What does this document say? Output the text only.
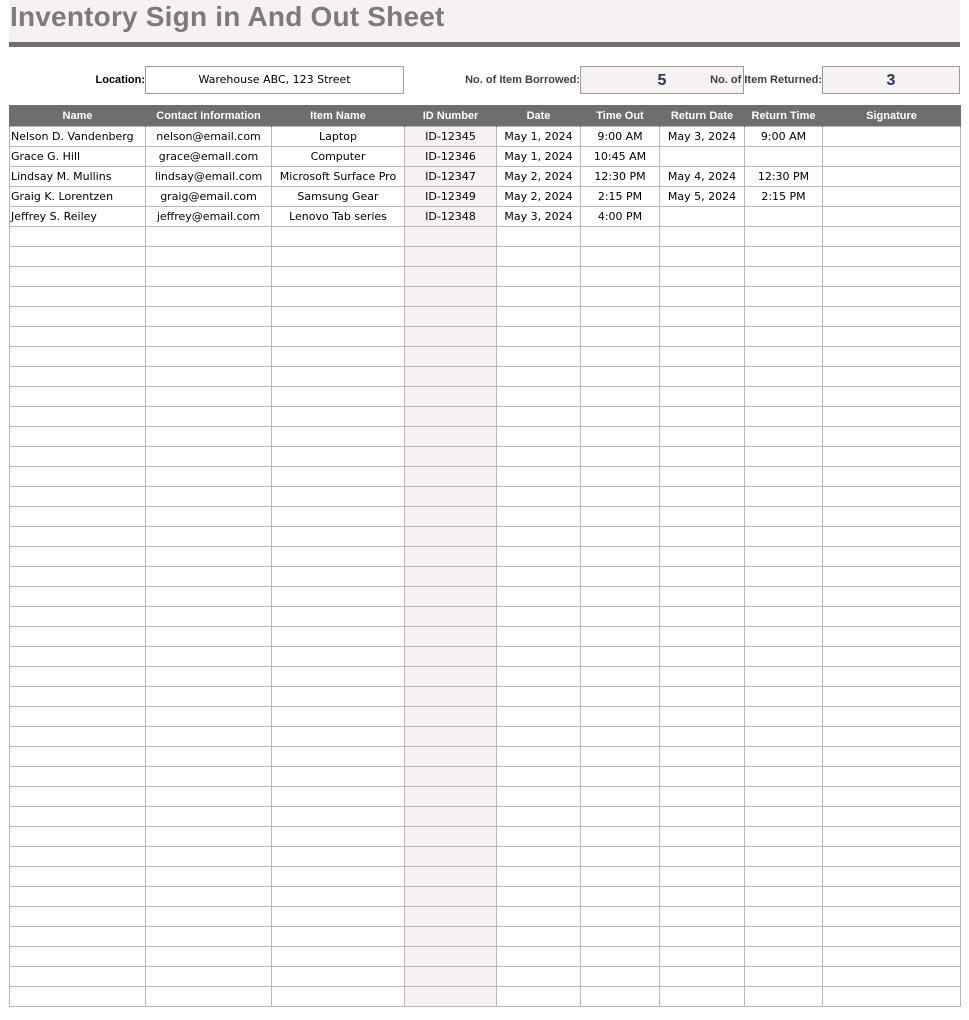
Inventory Sign in And Out Sheet
Location:	Warehouse ABC, 123 Street	No. of Item Borrowed:	5	No. of Item Returned:	3
Name	Contact Information	Item Name	ID Number	Date	Time Out	Return Date	Return Time	Signature
Nelson D. Vandenberg	nelson@email.com	Laptop	ID-12345	May 1, 2024	9:00 AM	May 3, 2024	9:00 AM	
Grace G. Hill	grace@email.com	Computer	ID-12346	May 1, 2024	10:45 AM			
Lindsay M. Mullins	lindsay@email.com	Microsoft Surface Pro	ID-12347	May 2, 2024	12:30 PM	May 4, 2024	12:30 PM	
Graig K. Lorentzen	graig@email.com	Samsung Gear	ID-12349	May 2, 2024	2:15 PM	May 5, 2024	2:15 PM	
Jeffrey S. Reiley	jeffrey@email.com	Lenovo Tab series	ID-12348	May 3, 2024	4:00 PM			
